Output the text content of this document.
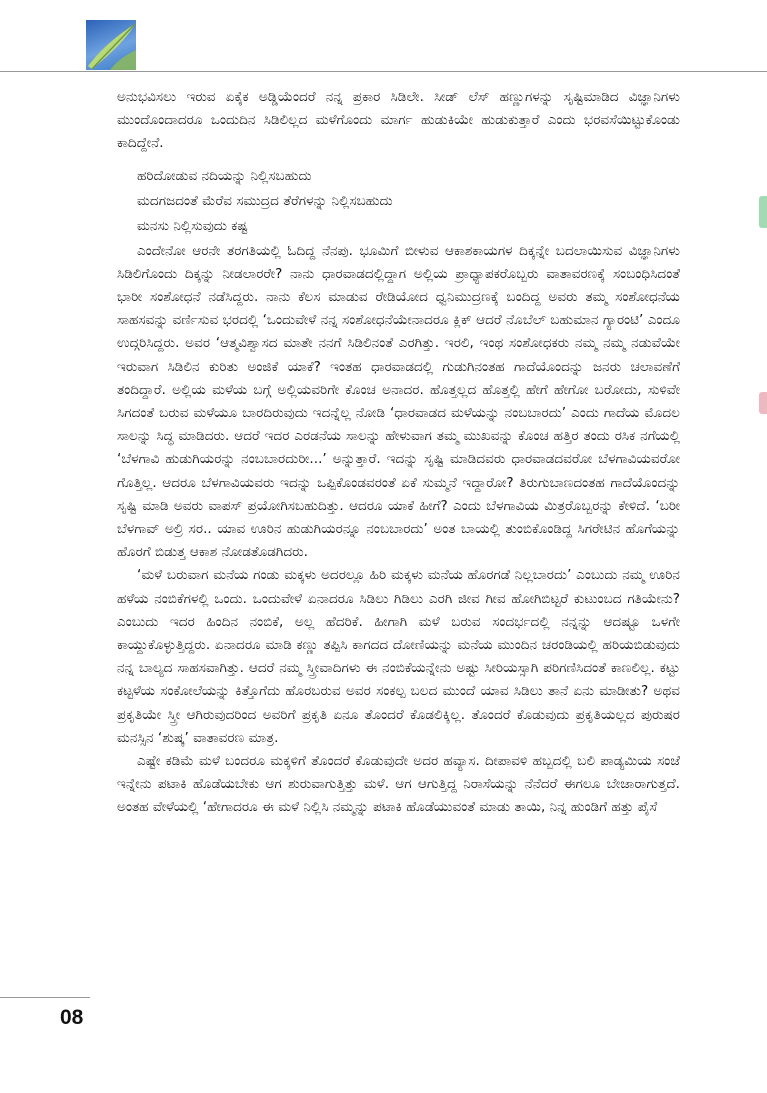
ಅನುಭವಿಸಲು ಇರುವ ಏಕೈಕ ಅಡ್ಡಿಯೆಂದರೆ ನನ್ನ ಪ್ರಕಾರ ಸಿಡಿಲೇ. ಸೀಡ್ ಲೆಸ್ ಹಣ್ಣುಗಳನ್ನು ಸೃಷ್ಟಿಮಾಡಿದ ವಿಜ್ಞಾನಿಗಳು ಮುಂದೊಂದಾದರೂ ಒಂದುದಿನ ಸಿಡಿಲಿಲ್ಲದ ಮಳೆಗೊಂದು ಮಾರ್ಗ ಹುಡುಕಿಯೇ ಹುಡುಕುತ್ತಾರೆ ಎಂದು ಭರವಸೆಯಿಟ್ಟುಕೊಂಡು ಕಾದಿದ್ದೇನೆ.

ಹರಿದೋಡುವ ನದಿಯನ್ನು ನಿಲ್ಲಿಸಬಹುದು
ಮದಗಜದಂತೆ ಮೆರೆವ ಸಮುದ್ರದ ತೆರೆಗಳನ್ನು ನಿಲ್ಲಿಸಬಹುದು
ಮನಸು ನಿಲ್ಲಿಸುವುದು ಕಷ್ಟ

ಎಂದೇನೋ ಆರನೇ ತರಗತಿಯಲ್ಲಿ ಓದಿದ್ದ ನೆನಪು. ಭೂಮಿಗೆ ಬೀಳುವ ಆಕಾಶಕಾಯಗಳ ದಿಕ್ಕನ್ನೇ ಬದಲಾಯಿಸುವ ವಿಜ್ಞಾನಿಗಳು ಸಿಡಿಲಿಗೊಂದು ದಿಕ್ಕನ್ನು ನೀಡಲಾರರೇ? ನಾನು ಧಾರವಾಡದಲ್ಲಿದ್ದಾಗ ಅಲ್ಲಿಯ ಪ್ರಾಧ್ಯಾಪಕರೊಬ್ಬರು ವಾತಾವರಣಕ್ಕೆ ಸಂಬಂಧಿಸಿದಂತೆ ಭಾರೀ ಸಂಶೋಧನೆ ನಡೆಸಿದ್ದರು. ನಾನು ಕೆಲಸ ಮಾಡುವ ರೇಡಿಯೋದ ಧ್ವನಿಮುದ್ರಣಕ್ಕೆ ಬಂದಿದ್ದ ಅವರು ತಮ್ಮ ಸಂಶೋಧನೆಯ ಸಾಹಸವನ್ನು ವರ್ಣಿಸುವ ಭರದಲ್ಲಿ ‘ಒಂದುವೇಳೆ ನನ್ನ ಸಂಶೋಧನೆಯೇನಾದರೂ ಕ್ಲಿಕ್ ಆದರೆ ನೊಬೆಲ್ ಬಹುಮಾನ ಗ್ಯಾರಂಟಿ’ ಎಂದೂ ಉದ್ಗರಿಸಿದ್ದರು. ಅವರ ‘ಆತ್ಮವಿಶ್ವಾಸದ ಮಾತೇ ನನಗೆ ಸಿಡಿಲಿನಂತೆ ಎರಗಿತ್ತು. ಇರಲಿ, ಇಂಥ ಸಂಶೋಧಕರು ನಮ್ಮ ನಮ್ಮ ನಡುವೆಯೇ ಇರುವಾಗ ಸಿಡಿಲಿನ ಕುರಿತು ಅಂಜಿಕೆ ಯಾಕೆ? ಇಂತಹ ಧಾರವಾಡದಲ್ಲಿ ಗುಡುಗಿನಂತಹ ಗಾದೆಯೊಂದನ್ನು ಜನರು ಚಲಾವಣೆಗೆ ತಂದಿದ್ದಾರೆ. ಅಲ್ಲಿಯ ಮಳೆಯ ಬಗ್ಗೆ ಅಲ್ಲಿಯವರಿಗೇ ಕೊಂಚ ಅನಾದರ. ಹೊತ್ತಲ್ಲದ ಹೊತ್ತಲ್ಲಿ ಹೇಗೆ ಹೇಗೋ ಬರೋದು, ಸುಳಿವೇ ಸಿಗದಂತೆ ಬರುವ ಮಳೆಯೂ ಬಾರದಿರುವುದು ಇದನ್ನೆಲ್ಲ ನೋಡಿ ‘ಧಾರವಾಡದ ಮಳೆಯನ್ನು ನಂಬಬಾರದು’ ಎಂದು ಗಾದೆಯ ಮೊದಲ ಸಾಲನ್ನು ಸಿದ್ಧ ಮಾಡಿದರು. ಆದರೆ ಇದರ ಎರಡನೆಯ ಸಾಲನ್ನು ಹೇಳುವಾಗ ತಮ್ಮ ಮುಖವನ್ನು ಕೊಂಚ ಹತ್ತಿರ ತಂದು ರಸಿಕ ನಗೆಯಲ್ಲಿ ‘ಬೆಳಗಾವಿ ಹುಡುಗಿಯರನ್ನು ನಂಬಬಾರದುರೀ...’ ಅನ್ನುತ್ತಾರೆ. ಇದನ್ನು ಸೃಷ್ಟಿ ಮಾಡಿದವರು ಧಾರವಾಡದವರೋ ಬೆಳಗಾವಿಯವರೋ ಗೊತ್ತಿಲ್ಲ. ಆದರೂ ಬೆಳಗಾವಿಯವರು ಇದನ್ನು ಒಪ್ಪಿಕೊಂಡವರಂತೆ ಏಕೆ ಸುಮ್ಮನೆ ಇದ್ದಾರೋ? ತಿರುಗುಬಾಣದಂತಹ ಗಾದೆಯೊಂದನ್ನು ಸೃಷ್ಟಿ ಮಾಡಿ ಅವರು ವಾಪಸ್ ಪ್ರಯೋಗಿಸಬಹುದಿತ್ತು. ಆದರೂ ಯಾಕೆ ಹೀಗೆ? ಎಂದು ಬೆಳಗಾವಿಯ ಮಿತ್ರರೊಬ್ಬರನ್ನು ಕೇಳಿದೆ. ‘ಬರೀ ಬೆಳಗಾವ್ ಅಲ್ರಿ ಸರ.. ಯಾವ ಊರಿನ ಹುಡುಗಿಯರನ್ನೂ ನಂಬಬಾರದು’ ಅಂತ ಬಾಯಲ್ಲಿ ತುಂಬಿಕೊಂಡಿದ್ದ ಸಿಗರೇಟಿನ ಹೊಗೆಯನ್ನು ಹೊರಗೆ ಬಿಡುತ್ತ ಆಕಾಶ ನೋಡತೊಡಗಿದರು.

‘ಮಳೆ ಬರುವಾಗ ಮನೆಯ ಗಂಡು ಮಕ್ಕಳು ಅದರಲ್ಲೂ ಹಿರಿ ಮಕ್ಕಳು ಮನೆಯ ಹೊರಗಡೆ ನಿಲ್ಲಬಾರದು’ ಎಂಬುದು ನಮ್ಮ ಊರಿನ ಹಳೆಯ ನಂಬಿಕೆಗಳಲ್ಲಿ ಒಂದು. ಒಂದುವೇಳೆ ಏನಾದರೂ ಸಿಡಿಲು ಗಿಡಿಲು ಎರಗಿ ಜೀವ ಗೀವ ಹೋಗಿಬಿಟ್ಟರೆ ಕುಟುಂಬದ ಗತಿಯೇನು? ಎಂಬುದು ಇದರ ಹಿಂದಿನ ನಂಬಿಕೆ, ಅಲ್ಲ ಹೆದರಿಕೆ. ಹೀಗಾಗಿ ಮಳೆ ಬರುವ ಸಂದರ್ಭದಲ್ಲಿ ನನ್ನನ್ನು ಆದಷ್ಟೂ ಒಳಗೇ ಕಾಯ್ದುಕೊಳ್ಳುತ್ತಿದ್ದರು. ಏನಾದರೂ ಮಾಡಿ ಕಣ್ಣು ತಪ್ಪಿಸಿ ಕಾಗದದ ದೋಣಿಯನ್ನು ಮನೆಯ ಮುಂದಿನ ಚರಂಡಿಯಲ್ಲಿ ಹರಿಯಬಿಡುವುದು ನನ್ನ ಬಾಲ್ಯದ ಸಾಹಸವಾಗಿತ್ತು. ಆದರೆ ನಮ್ಮ ಸ್ತ್ರೀವಾದಿಗಳು ಈ ನಂಬಿಕೆಯನ್ನೇನು ಅಷ್ಟು ಸೀರಿಯಸ್ಸಾಗಿ ಪರಿಗಣಿಸಿದಂತೆ ಕಾಣಲಿಲ್ಲ. ಕಟ್ಟು ಕಟ್ಟಳೆಯ ಸಂಕೋಲೆಯನ್ನು ಕಿತ್ತೊಗೆದು ಹೊರಬರುವ ಅವರ ಸಂಕಲ್ಪ ಬಲದ ಮುಂದೆ ಯಾವ ಸಿಡಿಲು ತಾನೆ ಏನು ಮಾಡೀತು? ಅಥವ ಪ್ರಕೃತಿಯೇ ಸ್ತ್ರೀ ಆಗಿರುವುದರಿಂದ ಅವರಿಗೆ ಪ್ರಕೃತಿ ಏನೂ ತೊಂದರೆ ಕೊಡಲಿಕ್ಕಿಲ್ಲ. ತೊಂದರೆ ಕೊಡುವುದು ಪ್ರಕೃತಿಯಲ್ಲದ ಪುರುಷರ ಮನಸ್ಸಿನ ‘ಶುಷ್ಕ’ ವಾತಾವರಣ ಮಾತ್ರ.

ಎಷ್ಟೇ ಕಡಿಮೆ ಮಳೆ ಬಂದರೂ ಮಕ್ಕಳಿಗೆ ತೊಂದರೆ ಕೊಡುವುದೇ ಅದರ ಹವ್ಯಾಸ. ದೀಪಾವಳಿ ಹಬ್ಬದಲ್ಲಿ ಬಲಿ ಪಾಡ್ಯಮಿಯ ಸಂಜೆ ಇನ್ನೇನು ಪಟಾಕಿ ಹೊಡೆಯಬೇಕು ಆಗ ಶುರುವಾಗುತ್ತಿತ್ತು ಮಳೆ. ಆಗ ಆಗುತ್ತಿದ್ದ ನಿರಾಸೆಯನ್ನು ನೆನೆದರೆ ಈಗಲೂ ಬೇಜಾರಾಗುತ್ತದೆ. ಅಂತಹ ವೇಳೆಯಲ್ಲಿ ‘ಹೇಗಾದರೂ ಈ ಮಳೆ ನಿಲ್ಲಿಸಿ ನಮ್ಮನ್ನು ಪಟಾಕಿ ಹೊಡೆಯುವಂತೆ ಮಾಡು ತಾಯಿ, ನಿನ್ನ ಹುಂಡಿಗೆ ಹತ್ತು ಪೈಸೆ

08
